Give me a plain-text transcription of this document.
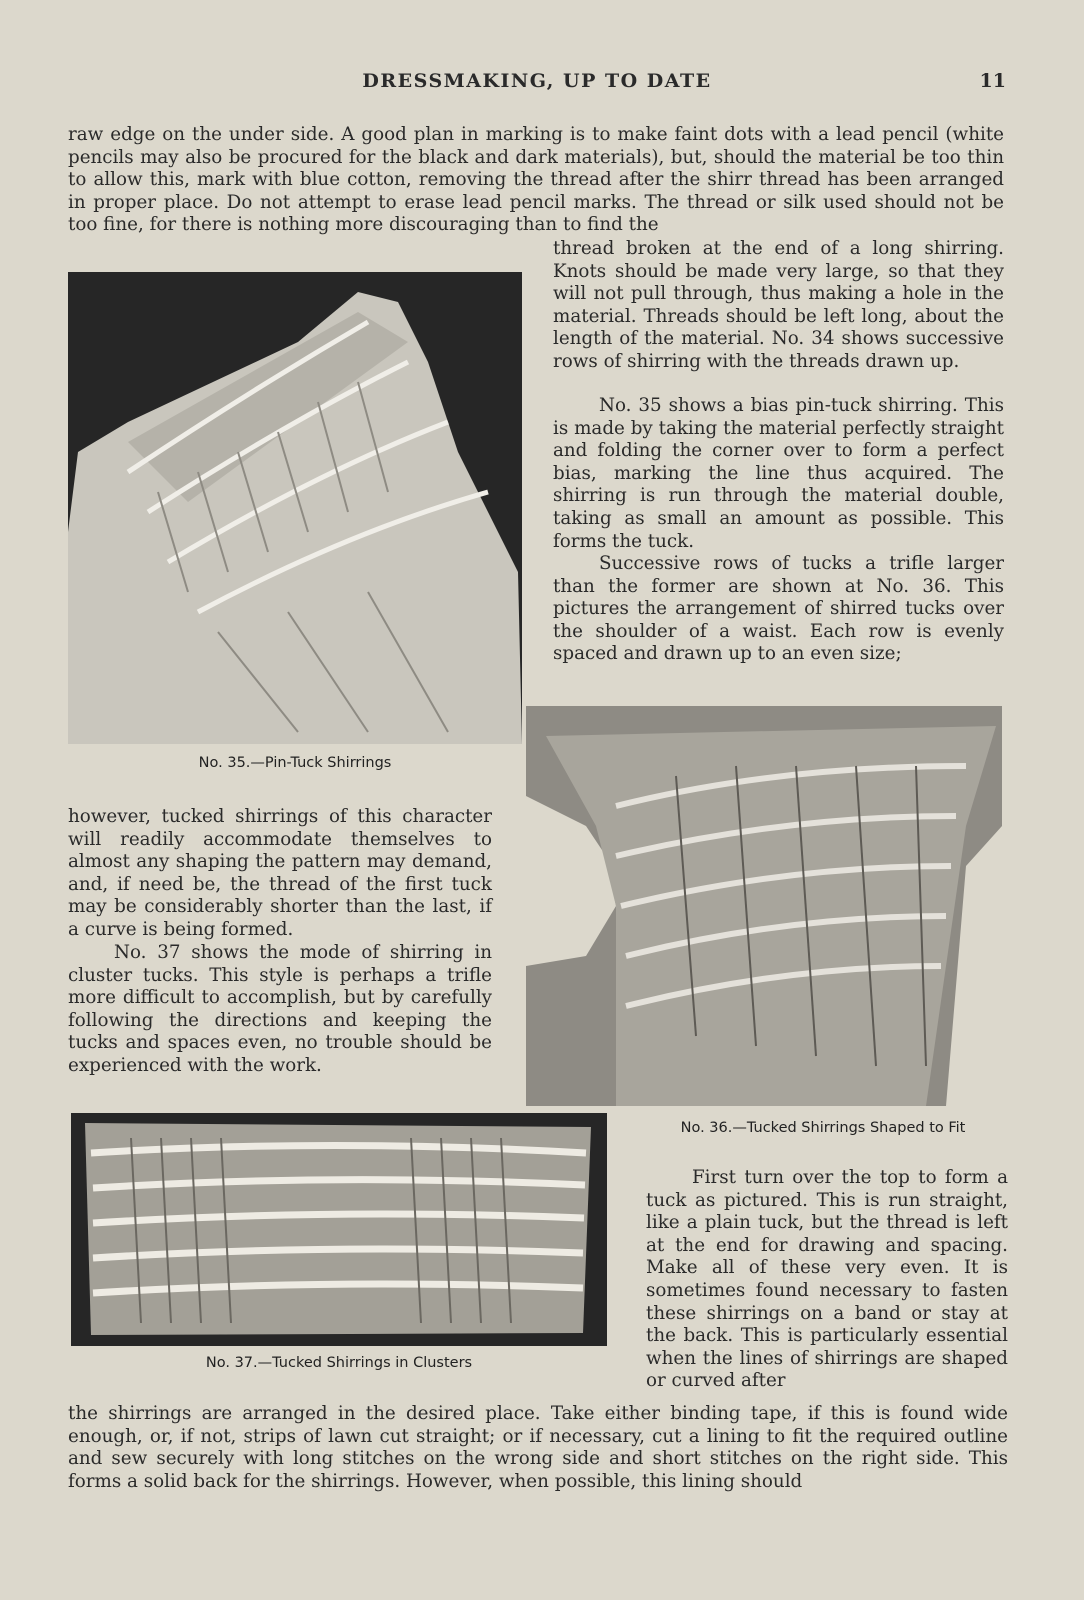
DRESSMAKING, UP TO DATE	11

raw edge on the under side. A good plan in marking is to make faint dots with a lead pencil (white pencils may also be procured for the black and dark materials), but, should the material be too thin to allow this, mark with blue cotton, removing the thread after the shirr thread has been arranged in proper place. Do not attempt to erase lead pencil marks. The thread or silk used should not be too fine, for there is nothing more discouraging than to find the

No. 35.—Pin-Tuck Shirrings

thread broken at the end of a long shirring. Knots should be made very large, so that they will not pull through, thus making a hole in the material. Threads should be left long, about the length of the material. No. 34 shows successive rows of shirring with the threads drawn up.

No. 35 shows a bias pin-tuck shirring. This is made by taking the material perfectly straight and folding the corner over to form a perfect bias, marking the line thus acquired. The shirring is run through the material double, taking as small an amount as possible. This forms the tuck.

Successive rows of tucks a trifle larger than the former are shown at No. 36. This pictures the arrangement of shirred tucks over the shoulder of a waist. Each row is evenly spaced and drawn up to an even size;

No. 36.—Tucked Shirrings Shaped to Fit

however, tucked shirrings of this character will readily accommodate themselves to almost any shaping the pattern may demand, and, if need be, the thread of the first tuck may be considerably shorter than the last, if a curve is being formed.

No. 37 shows the mode of shirring in cluster tucks. This style is perhaps a trifle more difficult to accomplish, but by carefully following the directions and keeping the tucks and spaces even, no trouble should be experienced with the work.

No. 37.—Tucked Shirrings in Clusters

First turn over the top to form a tuck as pictured. This is run straight, like a plain tuck, but the thread is left at the end for drawing and spacing. Make all of these very even. It is sometimes found necessary to fasten these shirrings on a band or stay at the back. This is particularly essential when the lines of shirrings are shaped or curved after

the shirrings are arranged in the desired place. Take either binding tape, if this is found wide enough, or, if not, strips of lawn cut straight; or if necessary, cut a lining to fit the required outline and sew securely with long stitches on the wrong side and short stitches on the right side. This forms a solid back for the shirrings. However, when possible, this lining should
